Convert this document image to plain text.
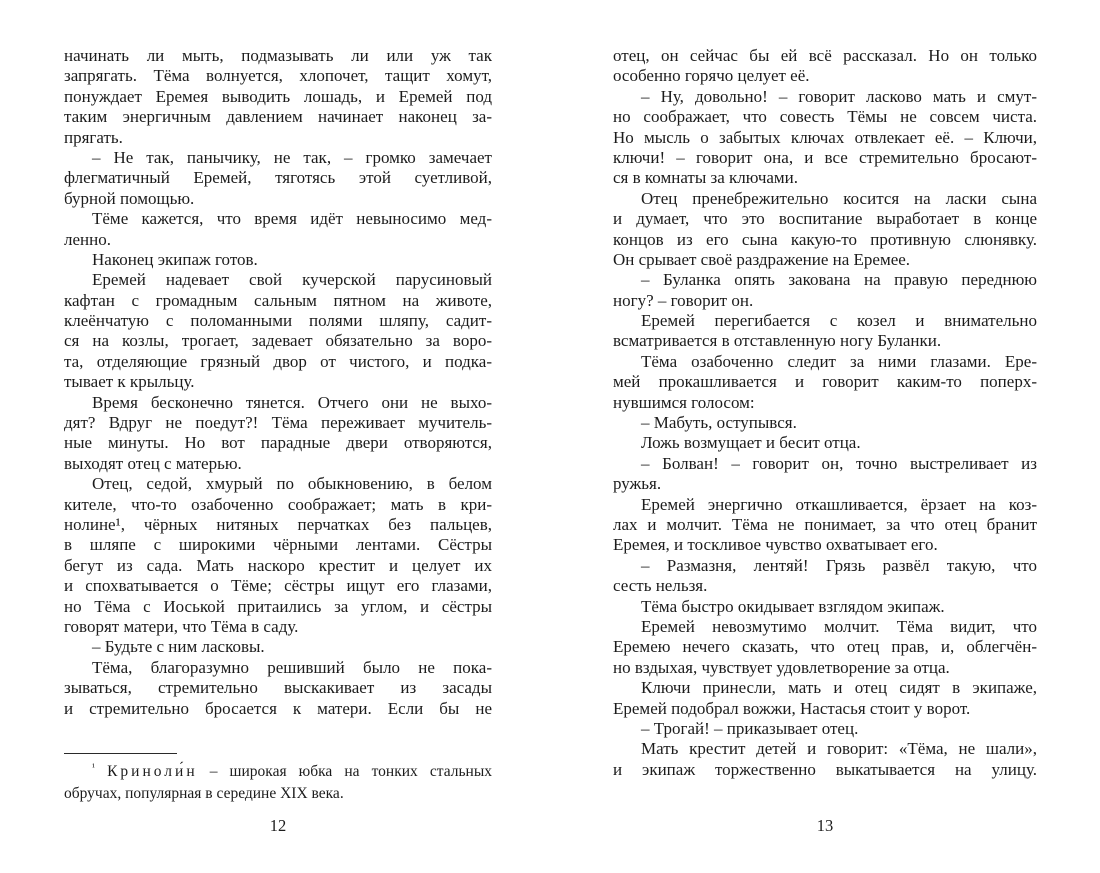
начинать ли мыть, подмазывать ли или уж так
запрягать. Тёма волнуется, хлопочет, тащит хомут,
понуждает Еремея выводить лошадь, и Еремей под
таким энергичным давлением начинает наконец за-
прягать.
– Не так, панычику, не так, – громко замечает
флегматичный Еремей, тяготясь этой суетливой,
бурной помощью.
Тёме кажется, что время идёт невыносимо мед-
ленно.
Наконец экипаж готов.
Еремей надевает свой кучерской парусиновый
кафтан с громадным сальным пятном на животе,
клеёнчатую с поломанными полями шляпу, садит-
ся на козлы, трогает, задевает обязательно за воро-
та, отделяющие грязный двор от чистого, и подка-
тывает к крыльцу.
Время бесконечно тянется. Отчего они не выхо-
дят? Вдруг не поедут?! Тёма переживает мучитель-
ные минуты. Но вот парадные двери отворяются,
выходят отец с матерью.
Отец, седой, хмурый по обыкновению, в белом
кителе, что-то озабоченно соображает; мать в кри-
нолине¹, чёрных нитяных перчатках без пальцев,
в шляпе с широкими чёрными лентами. Сёстры
бегут из сада. Мать наскоро крестит и целует их
и спохватывается о Тёме; сёстры ищут его глазами,
но Тёма с Иоськой притаились за углом, и сёстры
говорят матери, что Тёма в саду.
– Будьте с ним ласковы.
Тёма, благоразумно решивший было не пока-
зываться, стремительно выскакивает из засады
и стремительно бросается к матери. Если бы не
$^{^1}$ Криноли́н – широкая юбка на тонких стальных
обручах, популярная в середине XIX века.
12
отец, он сейчас бы ей всё рассказал. Но он только
особенно горячо целует её.
– Ну, довольно! – говорит ласково мать и смут-
но соображает, что совесть Тёмы не совсем чиста.
Но мысль о забытых ключах отвлекает её. – Ключи,
ключи! – говорит она, и все стремительно бросают-
ся в комнаты за ключами.
Отец пренебрежительно косится на ласки сына
и думает, что это воспитание выработает в конце
концов из его сына какую-то противную слюнявку.
Он срывает своё раздражение на Еремее.
– Буланка опять закована на правую переднюю
ногу? – говорит он.
Еремей перегибается с козел и внимательно
всматривается в отставленную ногу Буланки.
Тёма озабоченно следит за ними глазами. Ере-
мей прокашливается и говорит каким-то поперх-
нувшимся голосом:
– Мабуть, оступывся.
Ложь возмущает и бесит отца.
– Болван! – говорит он, точно выстреливает из
ружья.
Еремей энергично откашливается, ёрзает на коз-
лах и молчит. Тёма не понимает, за что отец бранит
Еремея, и тоскливое чувство охватывает его.
– Размазня, лентяй! Грязь развёл такую, что
сесть нельзя.
Тёма быстро окидывает взглядом экипаж.
Еремей невозмутимо молчит. Тёма видит, что
Еремею нечего сказать, что отец прав, и, облегчён-
но вздыхая, чувствует удовлетворение за отца.
Ключи принесли, мать и отец сидят в экипаже,
Еремей подобрал вожжи, Настасья стоит у ворот.
– Трогай! – приказывает отец.
Мать крестит детей и говорит: «Тёма, не шали»,
и экипаж торжественно выкатывается на улицу.
13
